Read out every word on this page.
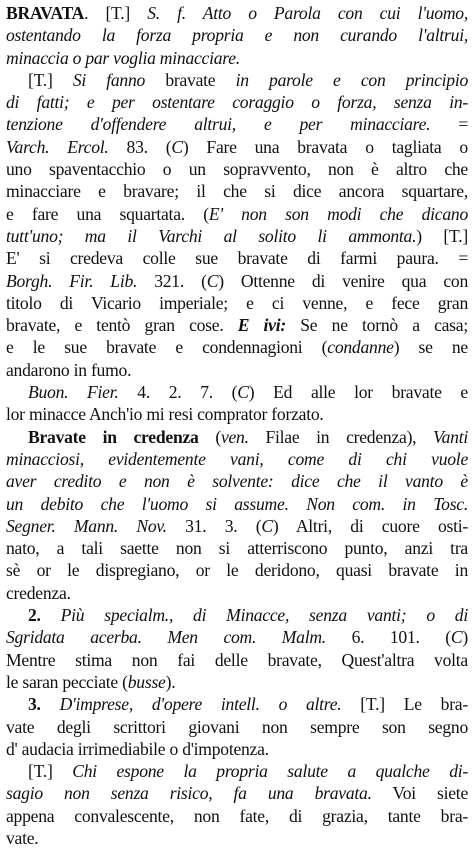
BRAVATA. [T.] S. f. Atto o Parola con cui l'uomo,
ostentando la forza propria e non curando l'altrui,
minaccia o par voglia minacciare.
[T.] Si fanno bravate in parole e con principio
di fatti; e per ostentare coraggio o forza, senza in-
tenzione d'offendere altrui, e per minacciare. =
Varch. Ercol. 83. (C) Fare una bravata o tagliata o
uno spaventacchio o un sopravvento, non è altro che
minacciare e bravare; il che si dice ancora squartare,
e fare una squartata. (E' non son modi che dicano
tutt'uno; ma il Varchi al solito li ammonta.) [T.]
E' si credeva colle sue bravate di farmi paura. =
Borgh. Fir. Lib. 321. (C) Ottenne di venire qua con
titolo di Vicario imperiale; e ci venne, e fece gran
bravate, e tentò gran cose. E ivi: Se ne tornò a casa;
e le sue bravate e condennagioni (condanne) se ne
andarono in fumo.
Buon. Fier. 4. 2. 7. (C) Ed alle lor bravate e
lor minacce Anch'io mi resi comprator forzato.
Bravate in credenza (ven. Filae in credenza), Vanti
minacciosi, evidentemente vani, come di chi vuole
aver credito e non è solvente: dice che il vanto è
un debito che l'uomo si assume. Non com. in Tosc.
Segner. Mann. Nov. 31. 3. (C) Altri, di cuore osti-
nato, a tali saette non si atterriscono punto, anzi tra
sè or le dispregiano, or le deridono, quasi bravate in
credenza.
2. Più specialm., di Minacce, senza vanti; o di
Sgridata acerba. Men com. Malm. 6. 101. (C)
Mentre stima non fai delle bravate, Quest'altra volta
le saran pecciate (busse).
3. D'imprese, d'opere intell. o altre. [T.] Le bra-
vate degli scrittori giovani non sempre son segno
d' audacia irrimediabile o d'impotenza.
[T.] Chi espone la propria salute a qualche di-
sagio non senza risico, fa una bravata. Voi siete
appena convalescente, non fate, di grazia, tante bra-
vate.
